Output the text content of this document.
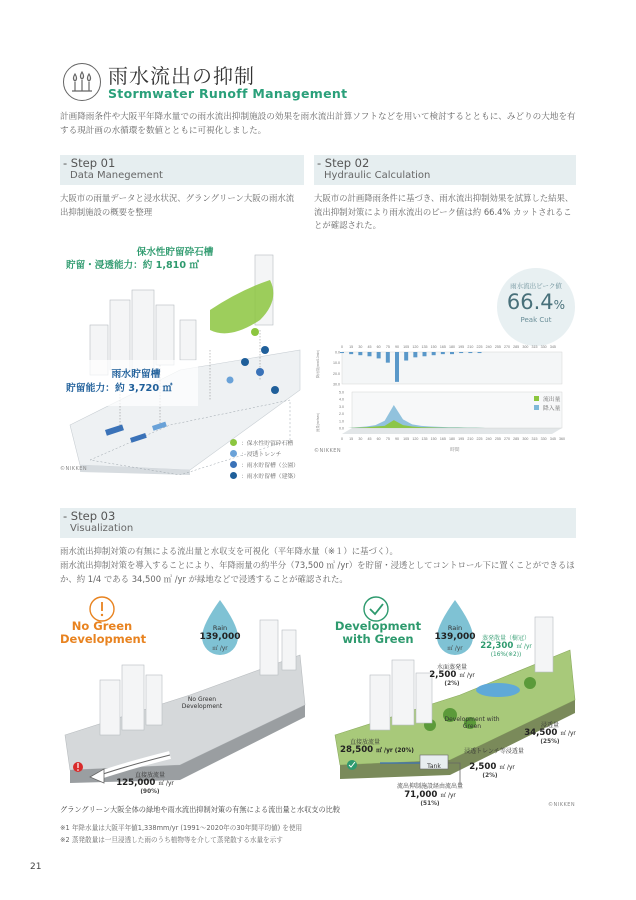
雨水流出の抑制
Stormwater Runoff Management
計画降雨条件や大阪平年降水量での雨水流出抑制施設の効果を雨水流出計算ソフトなどを用いて検討するとともに、みどりの大地を有する現計画の水循環を数値とともに可視化しました。
- Step 01
Data Manegement
大阪市の雨量データと浸水状況、グラングリーン大阪の雨水流出抑制施設の概要を整理
保水性貯留砕石槽
貯留・浸透能力：約 1,810 ㎥
雨水貯留槽
貯留能力：約 3,720 ㎥
：保水性貯留砕石槽
：浸透トレンチ
：雨水貯留槽（公園）
：雨水貯留槽（建築）
©NIKKEN
- Step 02
Hydraulic Calculation
大阪市の計画降雨条件に基づき、雨水流出抑制効果を試算した結果、流出抑制対策により雨水流出のピーク値は約 66.4% カットされることが確認された。
雨水流出ピーク値
66.4%
Peak Cut
0 15 30 45 60 75 90 105 120 135 150 165 180 195 210 225 240 255 270 285 300 315 330 345
0.0
10.0
20.0
30.0
降雨量(mm/10min)
5.0
4.0
3.0
2.0
1.0
0.0
流量(m³/sec)
0 15 30 45 60 75 90 105 120 135 150 165 180 195 210 225 240 255 270 285 300 315 330 345 360
©NIKKEN
流出量
降入量
時間
- Step 03
Visualization
雨水流出抑制対策の有無による流出量と水収支を可視化（平年降水量（※１）に基づく）。
雨水流出抑制対策を導入することにより、年降雨量の約半分（73,500 ㎥ /yr）を貯留・浸透としてコントロール下に置くことができるほか、約 1/4 である 34,500 ㎥ /yr が緑地などで浸透することが確認された。
No Green Development
Rain
139,000
㎥ /yr
No Green Development
直接放流量
125,000 ㎥ /yr
(90%)
Development with Green
Rain
139,000
㎥ /yr
蒸発散量（樹冠）
22,300 ㎥ /yr
(16%(※2))
水面蒸発量
2,500 ㎥ /yr
(2%)
Development with Green	浸透量
34,500 ㎥ /yr
(25%)
浸透トレンチ等浸透量
2,500 ㎥ /yr
(2%)
直接放流量
28,500 ㎥ /yr (20%)
Tank
流出抑制施設経由流出量
71,000 ㎥ /yr
(51%)	©NIKKEN
グラングリーン大阪全体の緑地や雨水流出抑制対策の有無による流出量と水収支の比較
※1 年降水量は大阪平年値1,338mm/yr (1991〜2020年の30年間平均値) を使用
※2 蒸発散量は一旦浸透した雨のうち植物等を介して蒸発散する水量を示す
21
